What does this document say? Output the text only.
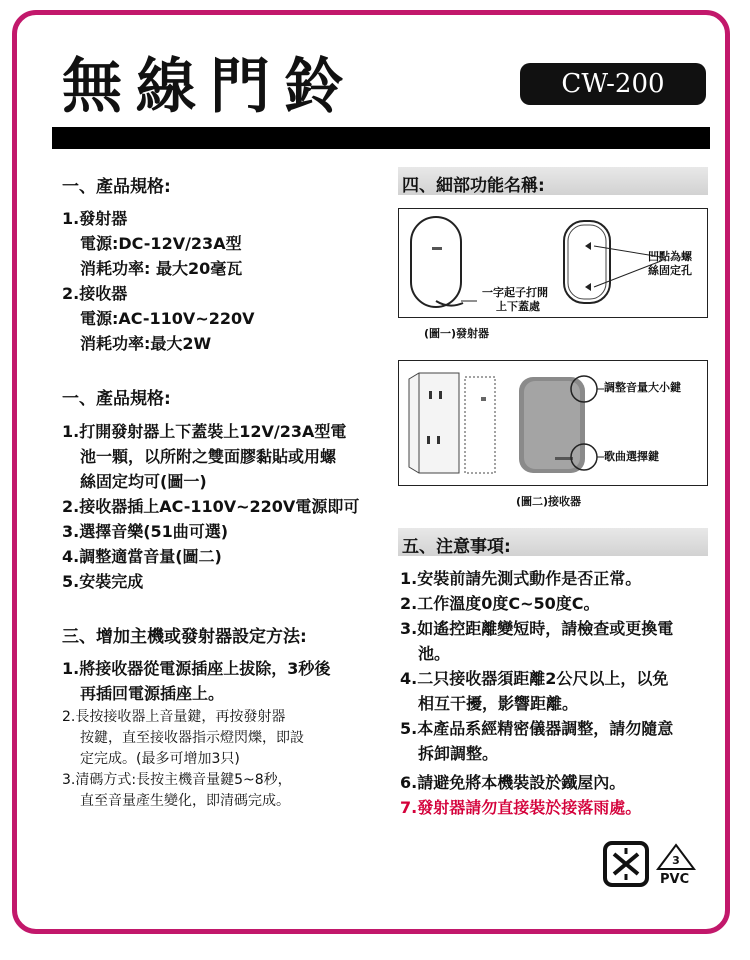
無線門鈴	CW-200
一、產品規格:
1.發射器
電源:DC-12V/23A型
消耗功率: 最大20毫瓦
2.接收器
電源:AC-110V~220V
消耗功率:最大2W
一、產品規格:
1.打開發射器上下蓋裝上12V/23A型電
池一顆，以所附之雙面膠黏貼或用螺
絲固定均可(圖一)
2.接收器插上AC-110V~220V電源即可
3.選擇音樂(51曲可選)
4.調整適當音量(圖二)
5.安裝完成
三、增加主機或發射器設定方法:
1.將接收器從電源插座上拔除，3秒後
再插回電源插座上。
2.長按接收器上音量鍵，再按發射器
按鍵，直至接收器指示燈閃爍，即設
定完成。(最多可增加3只)
3.清碼方式:長按主機音量鍵5~8秒，
直至音量產生變化，即清碼完成。
四、細部功能名稱:
一字起子打開
上下蓋處
凹點為螺
絲固定孔
(圖一)發射器
調整音量大小鍵
歌曲選擇鍵
(圖二)接收器
五、注意事項:
1.安裝前請先測式動作是否正常。
2.工作溫度0度C~50度C。
3.如遙控距離變短時，請檢查或更換電
池。
4.二只接收器須距離2公尺以上，以免
相互干擾，影響距離。
5.本產品系經精密儀器調整，請勿隨意
拆卸調整。
6.請避免將本機裝設於鐵屋內。
7.發射器請勿直接裝於接落雨處。
3
PVC
